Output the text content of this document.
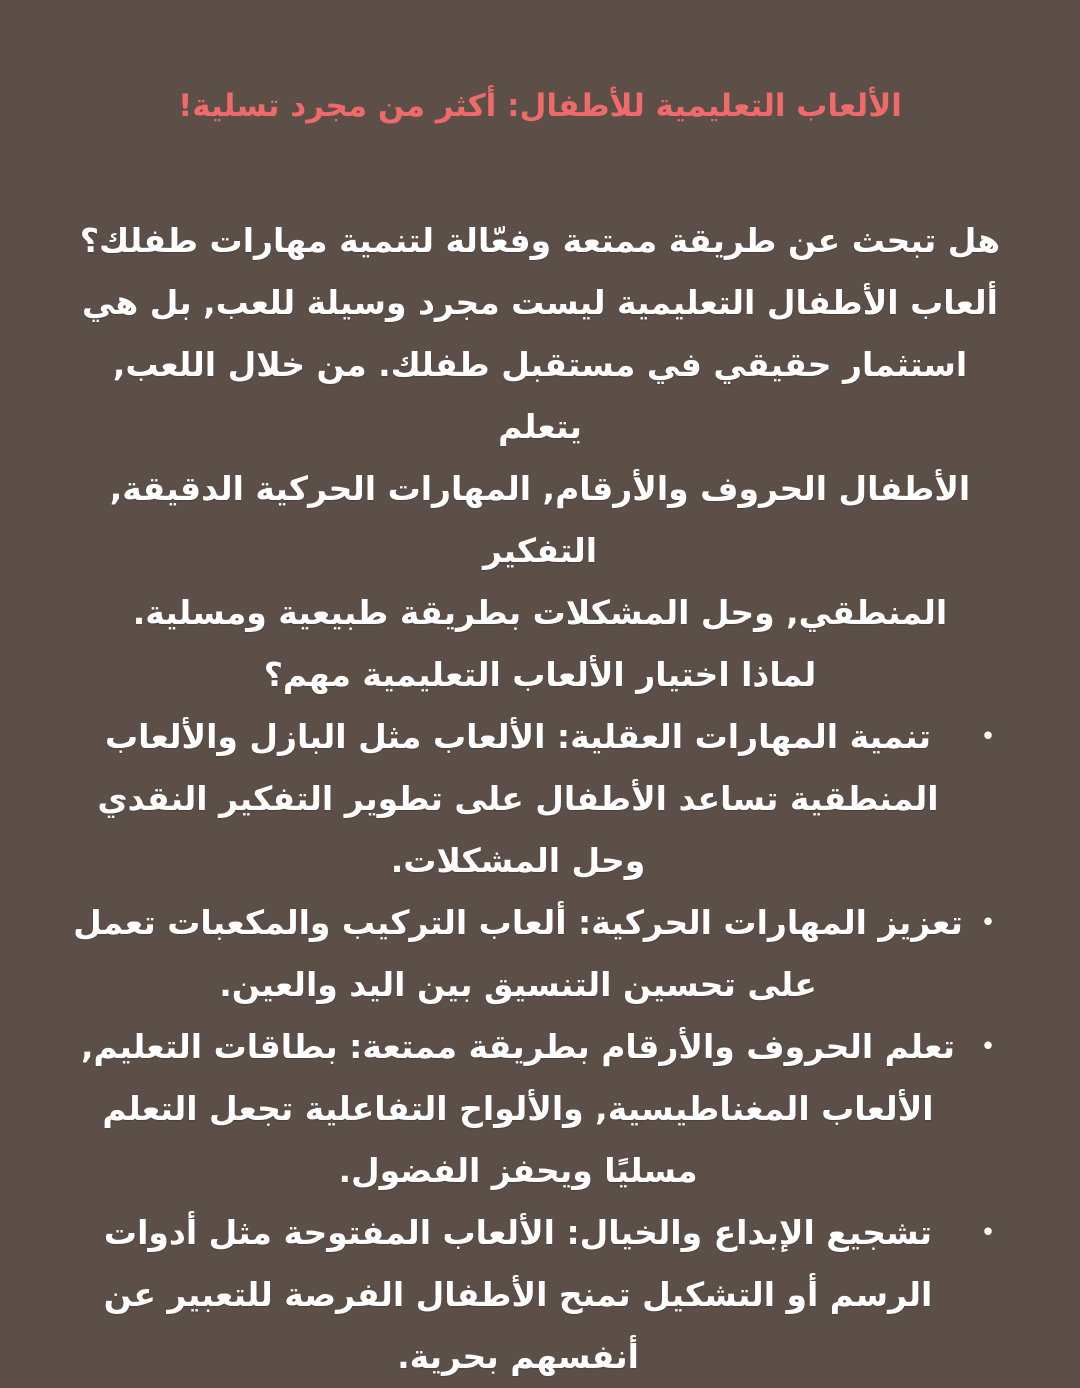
الألعاب التعليمية للأطفال: أكثر من مجرد تسلية!

هل تبحث عن طريقة ممتعة وفعّالة لتنمية مهارات طفلك؟

ألعاب الأطفال التعليمية ليست مجرد وسيلة للعب, بل هي

استثمار حقيقي في مستقبل طفلك. من خلال اللعب, يتعلم

الأطفال الحروف والأرقام, المهارات الحركية الدقيقة, التفكير

المنطقي, وحل المشكلات بطريقة طبيعية ومسلية.

لماذا اختيار الألعاب التعليمية مهم؟

•
تنمية المهارات العقلية: الألعاب مثل البازل والألعاب المنطقية تساعد الأطفال على تطوير التفكير النقدي وحل المشكلات.
•
تعزيز المهارات الحركية: ألعاب التركيب والمكعبات تعمل على تحسين التنسيق بين اليد والعين.
•
تعلم الحروف والأرقام بطريقة ممتعة: بطاقات التعليم, الألعاب المغناطيسية, والألواح التفاعلية تجعل التعلم مسليًا ويحفز الفضول.
•
تشجيع الإبداع والخيال: الألعاب المفتوحة مثل أدوات الرسم أو التشكيل تمنح الأطفال الفرصة للتعبير عن أنفسهم بحرية.
